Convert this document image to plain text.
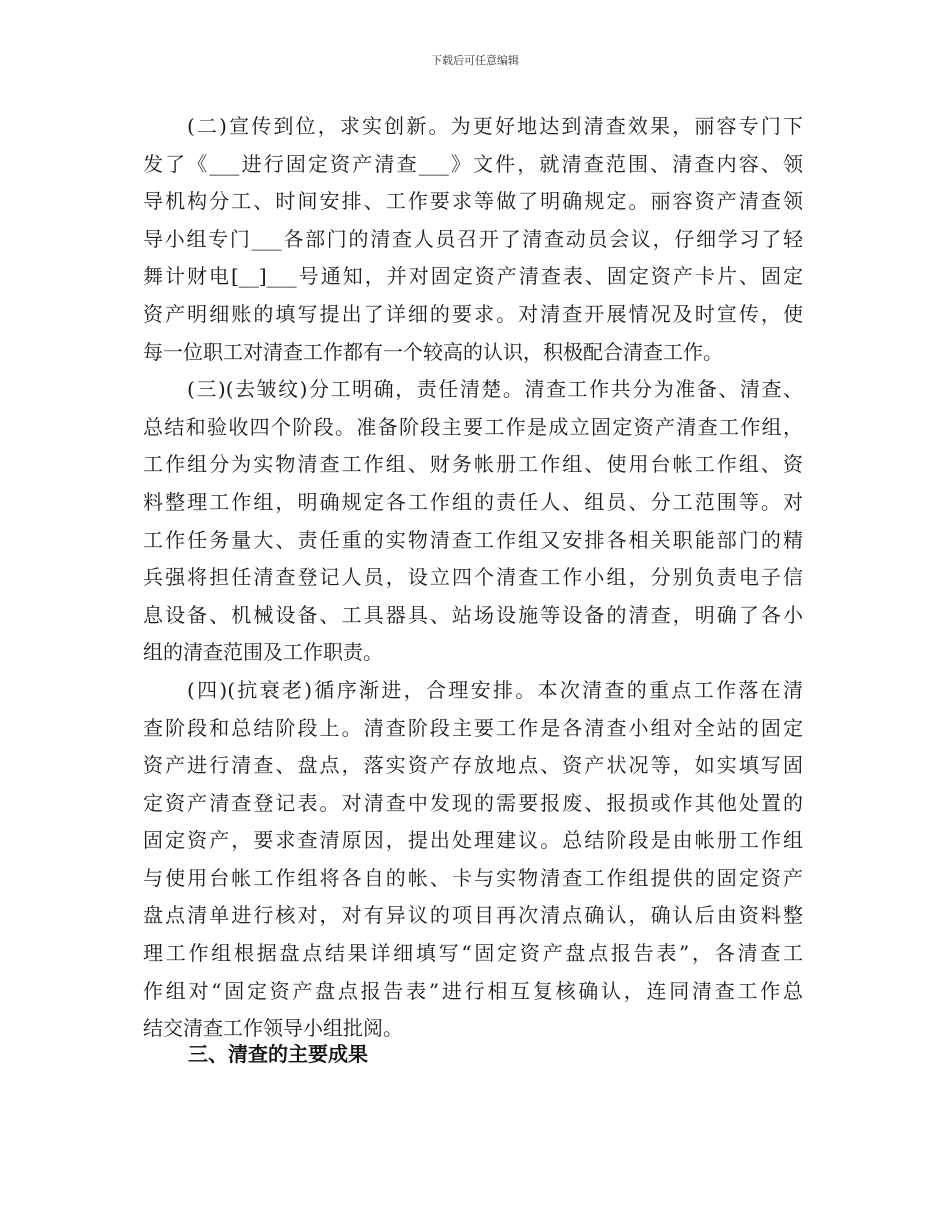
下载后可任意编辑
(二)宣传到位，求实创新。为更好地达到清查效果，丽容专门下
发了《___进行固定资产清查___》文件，就清查范围、清查内容、领
导机构分工、时间安排、工作要求等做了明确规定。丽容资产清查领
导小组专门___各部门的清查人员召开了清查动员会议，仔细学习了轻
舞计财电[__]___号通知，并对固定资产清查表、固定资产卡片、固定
资产明细账的填写提出了详细的要求。对清查开展情况及时宣传，使
每一位职工对清查工作都有一个较高的认识，积极配合清查工作。
(三)(去皱纹)分工明确，责任清楚。清查工作共分为准备、清查、
总结和验收四个阶段。准备阶段主要工作是成立固定资产清查工作组，
工作组分为实物清查工作组、财务帐册工作组、使用台帐工作组、资
料整理工作组，明确规定各工作组的责任人、组员、分工范围等。对
工作任务量大、责任重的实物清查工作组又安排各相关职能部门的精
兵强将担任清查登记人员，设立四个清查工作小组，分别负责电子信
息设备、机械设备、工具器具、站场设施等设备的清查，明确了各小
组的清查范围及工作职责。
(四)(抗衰老)循序渐进，合理安排。本次清查的重点工作落在清
查阶段和总结阶段上。清查阶段主要工作是各清查小组对全站的固定
资产进行清查、盘点，落实资产存放地点、资产状况等，如实填写固
定资产清查登记表。对清查中发现的需要报废、报损或作其他处置的
固定资产，要求查清原因，提出处理建议。总结阶段是由帐册工作组
与使用台帐工作组将各自的帐、卡与实物清查工作组提供的固定资产
盘点清单进行核对，对有异议的项目再次清点确认，确认后由资料整
理工作组根据盘点结果详细填写“固定资产盘点报告表”，各清查工
作组对“固定资产盘点报告表”进行相互复核确认，连同清查工作总
结交清查工作领导小组批阅。
三、清查的主要成果
